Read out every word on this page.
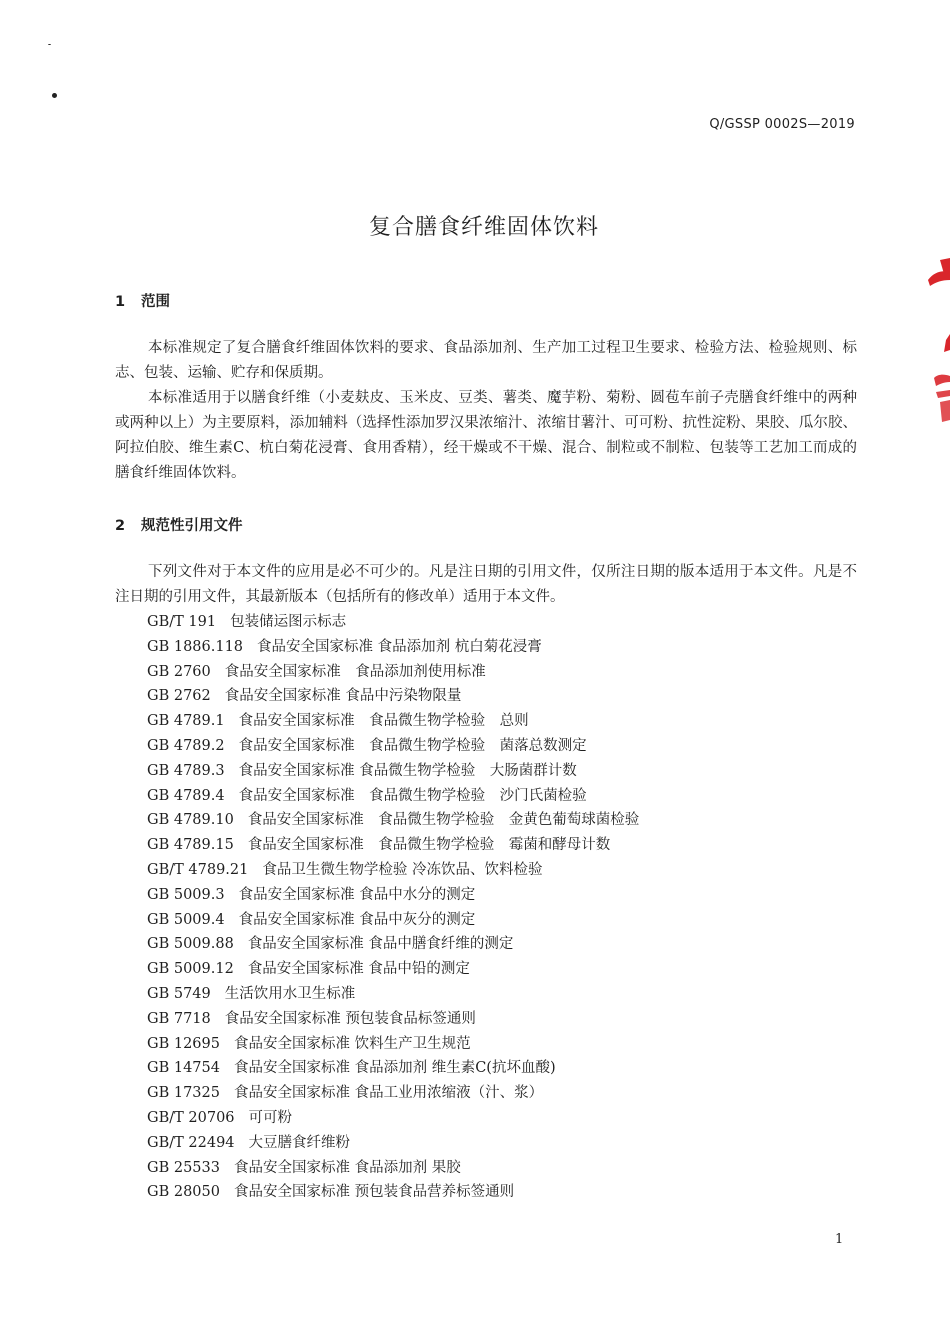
Q/GSSP 0002S—2019
复合膳食纤维固体饮料
1 范围

本标准规定了复合膳食纤维固体饮料的要求、食品添加剂、生产加工过程卫生要求、检验方法、检验规则、标志、包装、运输、贮存和保质期。

本标准适用于以膳食纤维（小麦麸皮、玉米皮、豆类、薯类、魔芋粉、菊粉、圆苞车前子壳膳食纤维中的两种或两种以上）为主要原料，添加辅料（选择性添加罗汉果浓缩汁、浓缩甘薯汁、可可粉、抗性淀粉、果胶、瓜尔胶、阿拉伯胶、维生素C、杭白菊花浸膏、食用香精），经干燥或不干燥、混合、制粒或不制粒、包装等工艺加工而成的膳食纤维固体饮料。

2 规范性引用文件

下列文件对于本文件的应用是必不可少的。凡是注日期的引用文件，仅所注日期的版本适用于本文件。凡是不注日期的引用文件，其最新版本（包括所有的修改单）适用于本文件。

GB/T 191 包装储运图示标志
GB 1886.118 食品安全国家标准 食品添加剂 杭白菊花浸膏
GB 2760 食品安全国家标准　食品添加剂使用标准
GB 2762 食品安全国家标准 食品中污染物限量
GB 4789.1 食品安全国家标准　食品微生物学检验　总则
GB 4789.2 食品安全国家标准　食品微生物学检验　菌落总数测定
GB 4789.3 食品安全国家标准 食品微生物学检验　大肠菌群计数
GB 4789.4 食品安全国家标准　食品微生物学检验　沙门氏菌检验
GB 4789.10 食品安全国家标准　食品微生物学检验　金黄色葡萄球菌检验
GB 4789.15 食品安全国家标准　食品微生物学检验　霉菌和酵母计数
GB/T 4789.21 食品卫生微生物学检验 冷冻饮品、饮料检验
GB 5009.3 食品安全国家标准 食品中水分的测定
GB 5009.4 食品安全国家标准 食品中灰分的测定
GB 5009.88 食品安全国家标准 食品中膳食纤维的测定
GB 5009.12 食品安全国家标准 食品中铅的测定
GB 5749 生活饮用水卫生标准
GB 7718 食品安全国家标准 预包装食品标签通则
GB 12695 食品安全国家标准 饮料生产卫生规范
GB 14754 食品安全国家标准 食品添加剂 维生素C(抗坏血酸)
GB 17325 食品安全国家标准 食品工业用浓缩液（汁、浆）
GB/T 20706 可可粉
GB/T 22494 大豆膳食纤维粉
GB 25533 食品安全国家标准 食品添加剂 果胶
GB 28050 食品安全国家标准 预包装食品营养标签通则
1
